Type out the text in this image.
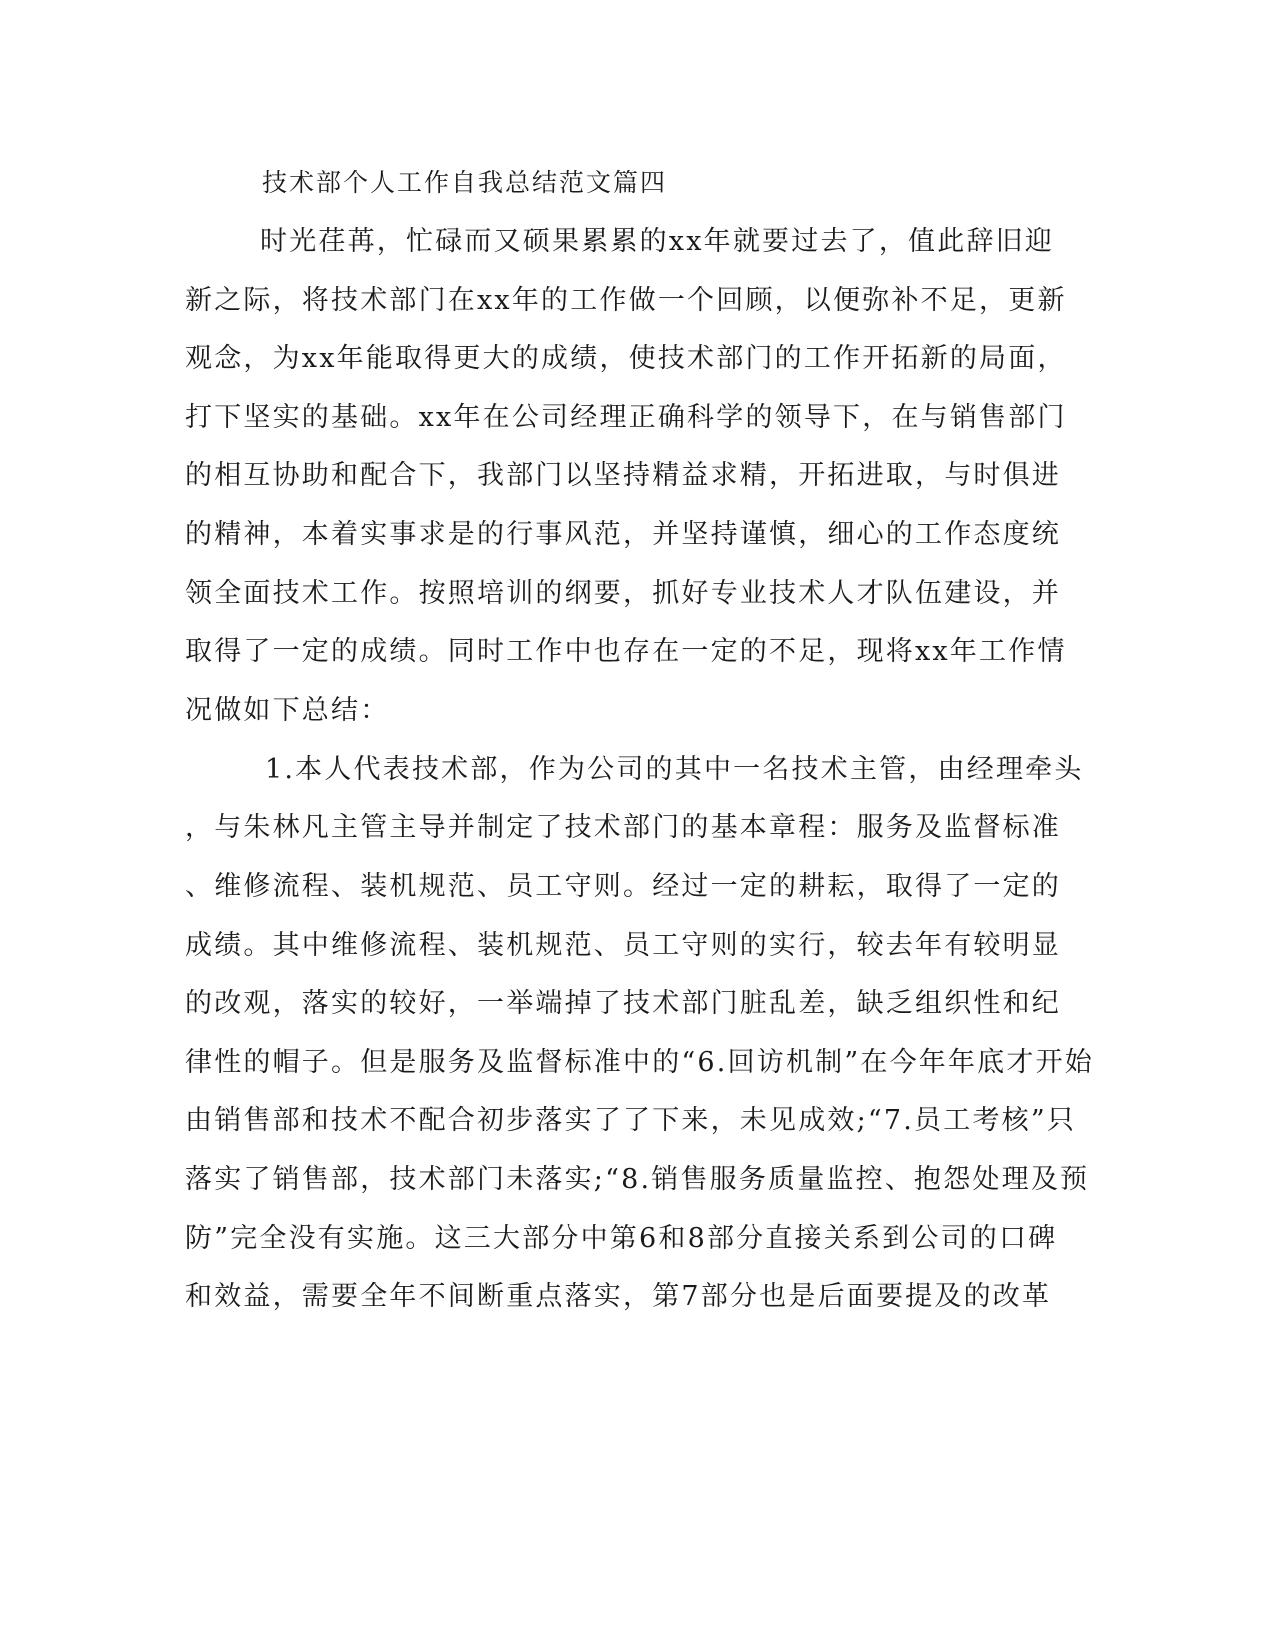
技术部个人工作自我总结范文篇四
时光荏苒，忙碌而又硕果累累的xx年就要过去了，值此辞旧迎
新之际，将技术部门在xx年的工作做一个回顾，以便弥补不足，更新
观念，为xx年能取得更大的成绩，使技术部门的工作开拓新的局面，
打下坚实的基础。xx年在公司经理正确科学的领导下，在与销售部门
的相互协助和配合下，我部门以坚持精益求精，开拓进取，与时俱进
的精神，本着实事求是的行事风范，并坚持谨慎，细心的工作态度统
领全面技术工作。按照培训的纲要，抓好专业技术人才队伍建设，并
取得了一定的成绩。同时工作中也存在一定的不足，现将xx年工作情
况做如下总结：
1.本人代表技术部，作为公司的其中一名技术主管，由经理牵头
，与朱林凡主管主导并制定了技术部门的基本章程：服务及监督标准
、维修流程、装机规范、员工守则。经过一定的耕耘，取得了一定的
成绩。其中维修流程、装机规范、员工守则的实行，较去年有较明显
的改观，落实的较好，一举端掉了技术部门脏乱差，缺乏组织性和纪
律性的帽子。但是服务及监督标准中的“6.回访机制”在今年年底才开始
由销售部和技术不配合初步落实了了下来，未见成效;“7.员工考核”只
落实了销售部，技术部门未落实;“8.销售服务质量监控、抱怨处理及预
防”完全没有实施。这三大部分中第6和8部分直接关系到公司的口碑
和效益，需要全年不间断重点落实，第7部分也是后面要提及的改革
